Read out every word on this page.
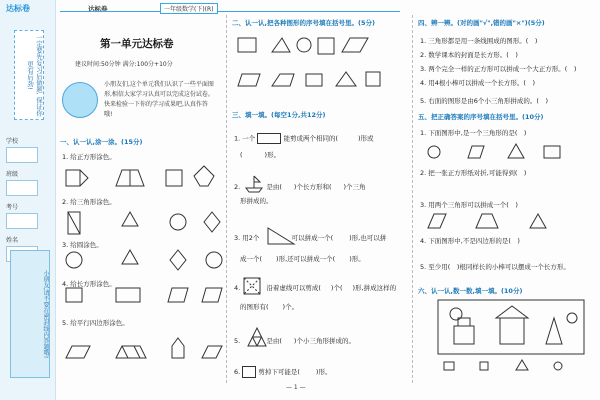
达标卷
一定要先复习后做题, 保证你更有后劲!
学校
班级
考号
姓名
小朋友,请不要在密封线内答题哦!
达标卷	一年级数学(下)(R)
第一单元达标卷
建议时间:50分钟 满分:100分+10分
小朋友们,这个单元我们认识了一些平面图形,相信大家学习认真可以完成这份试卷。快来检验一下你的学习成果吧,认真作答哦!
一、认一认,涂一涂。(15分)
1. 给正方形涂色。
2. 给三角形涂色。
3. 给圆涂色。
4. 给长方形涂色。
5. 给平行四边形涂色。
二、认一认,把各种图形的序号填在括号里。(5分)
三、填一填。(每空1分,共12分)
1. 一个	能剪成两个相同的(	)形或
(	)形。
2.	是由( )个长方形和( )个三角
形拼成的。
3. 用2个	可以拼成一个( )形,也可以拼
成一个( )形,还可以拼成一个( )形。
4.	沿着虚线可以剪成( )个( )形,拼成这样的
的图形有( )个。
5.	是由( )个小三角形拼成的。
6.	剪掉下可能是( )形。
四、辨一辨。(对的画"√",错的画"×")(5分)
1. 三角形都是用一条线围成的图形。(　)
2. 数学课本的封面是长方形。(　)
3. 两个完全一样的正方形可以拼成一个大正方形。(　)
4. 用4根小棒可以拼成一个长方形。(　)
5. 右面的图形是由6个小三角形拼成的。(　)
五、把正确答案的序号填在括号里。(10分)
1. 下面图形中,是一个三角形的是(　)
2. 把一张正方形纸对折,可能得到(　)
3. 用两个三角形可以拼成一个(　)
4. 下面图形中,不是四边形的是(　)
5. 至少用(　)根同样长的小棒可以摆成一个长方形。
六、认一认,数一数,填一填。(10分)
— 1 —
